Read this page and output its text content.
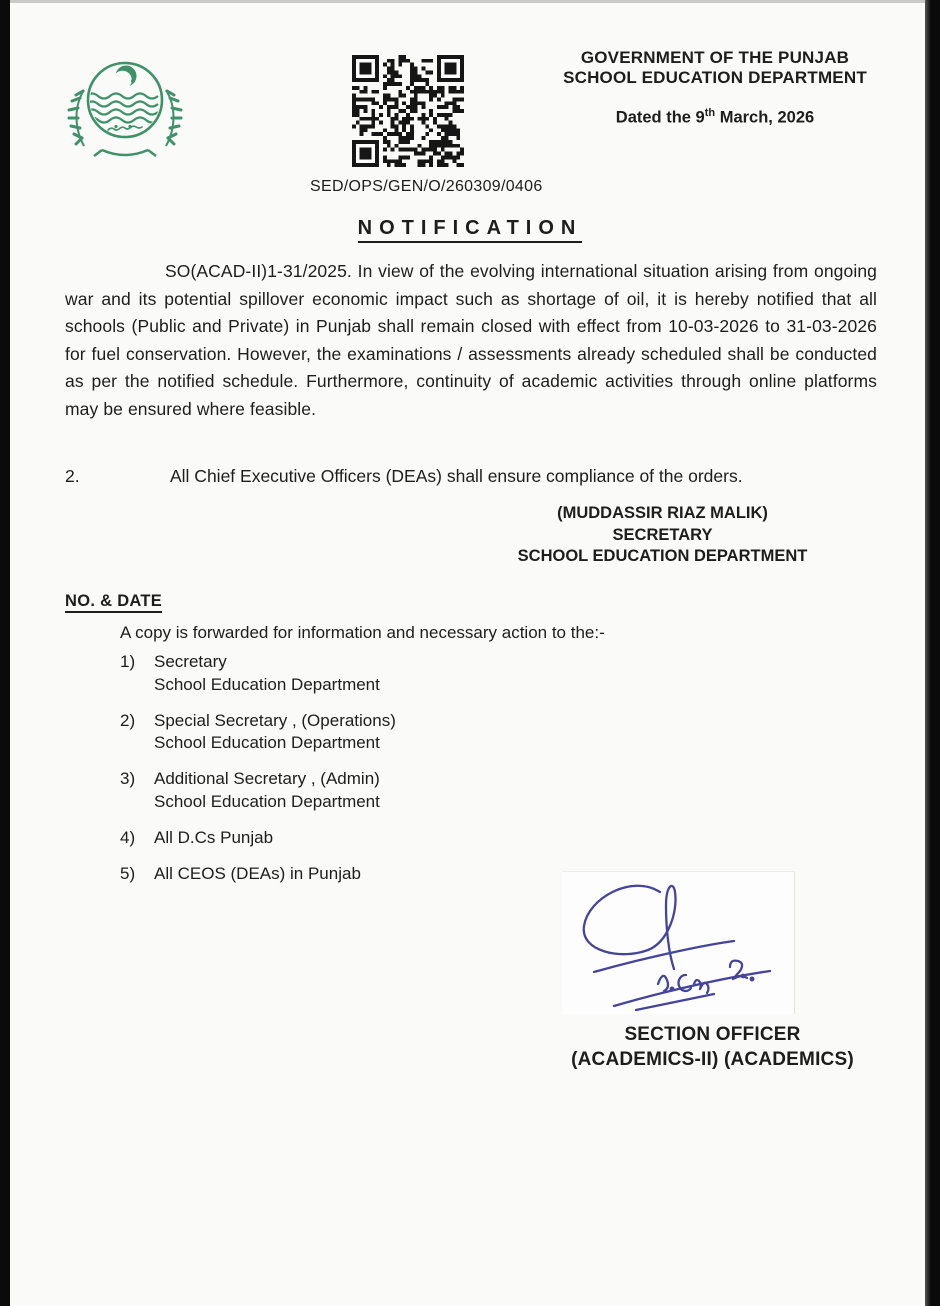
GOVERNMENT OF THE PUNJAB
SCHOOL EDUCATION DEPARTMENT
Dated the 9th March, 2026
SED/OPS/GEN/O/260309/0406
NOTIFICATION
SO(ACAD-II)1-31/2025. In view of the evolving international situation arising from ongoing war and its potential spillover economic impact such as shortage of oil, it is hereby notified that all schools (Public and Private) in Punjab shall remain closed with effect from 10-03-2026 to 31-03-2026 for fuel conservation. However, the examinations / assessments already scheduled shall be conducted as per the notified schedule. Furthermore, continuity of academic activities through online platforms may be ensured where feasible.
2.	All Chief Executive Officers (DEAs) shall ensure compliance of the orders.
(MUDDASSIR RIAZ MALIK)
SECRETARY
SCHOOL EDUCATION DEPARTMENT
NO. & DATE
A copy is forwarded for information and necessary action to the:-
1)	Secretary
School Education Department
2)	Special Secretary , (Operations)
School Education Department
3)	Additional Secretary , (Admin)
School Education Department
4)	All D.Cs Punjab
5)	All CEOS (DEAs) in Punjab
SECTION OFFICER
(ACADEMICS-II) (ACADEMICS)
